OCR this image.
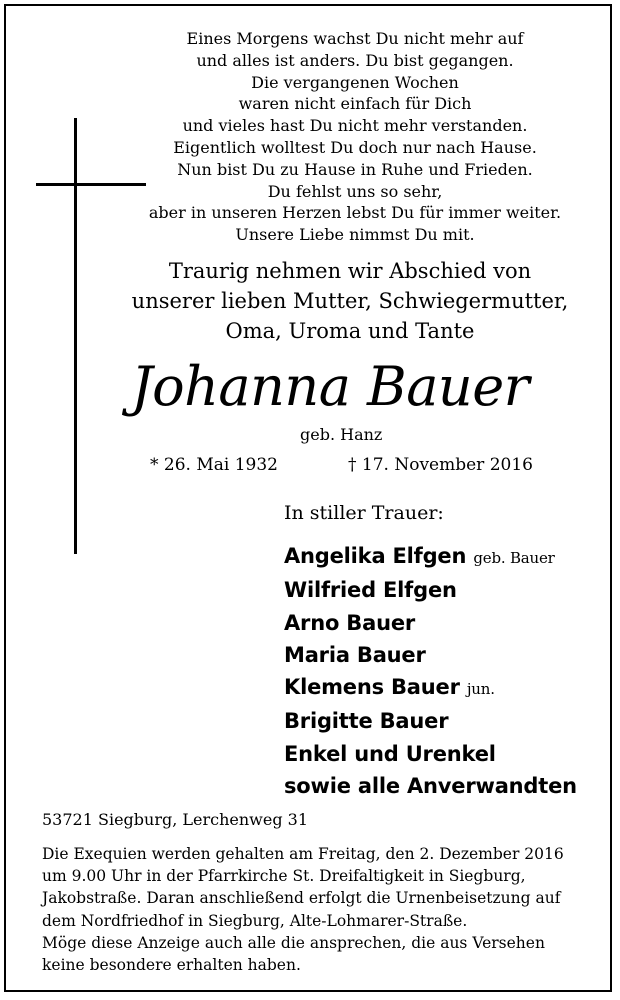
Eines Morgens wachst Du nicht mehr auf
und alles ist anders. Du bist gegangen.
Die vergangenen Wochen
waren nicht einfach für Dich
und vieles hast Du nicht mehr verstanden.
Eigentlich wolltest Du doch nur nach Hause.
Nun bist Du zu Hause in Ruhe und Frieden.
Du fehlst uns so sehr,
aber in unseren Herzen lebst Du für immer weiter.
Unsere Liebe nimmst Du mit.
Traurig nehmen wir Abschied von
unserer lieben Mutter, Schwiegermutter,
Oma, Uroma und Tante
Johanna Bauer
geb. Hanz
* 26. Mai 1932	† 17. November 2016
In stiller Trauer:
Angelika Elfgen geb. Bauer
Wilfried Elfgen
Arno Bauer
Maria Bauer
Klemens Bauer jun.
Brigitte Bauer
Enkel und Urenkel
sowie alle Anverwandten
53721 Siegburg, Lerchenweg 31
Die Exequien werden gehalten am Freitag, den 2. Dezember 2016
um 9.00 Uhr in der Pfarrkirche St. Dreifaltigkeit in Siegburg,
Jakobstraße. Daran anschließend erfolgt die Urnenbeisetzung auf
dem Nordfriedhof in Siegburg, Alte-Lohmarer-Straße.
Möge diese Anzeige auch alle die ansprechen, die aus Versehen
keine besondere erhalten haben.
